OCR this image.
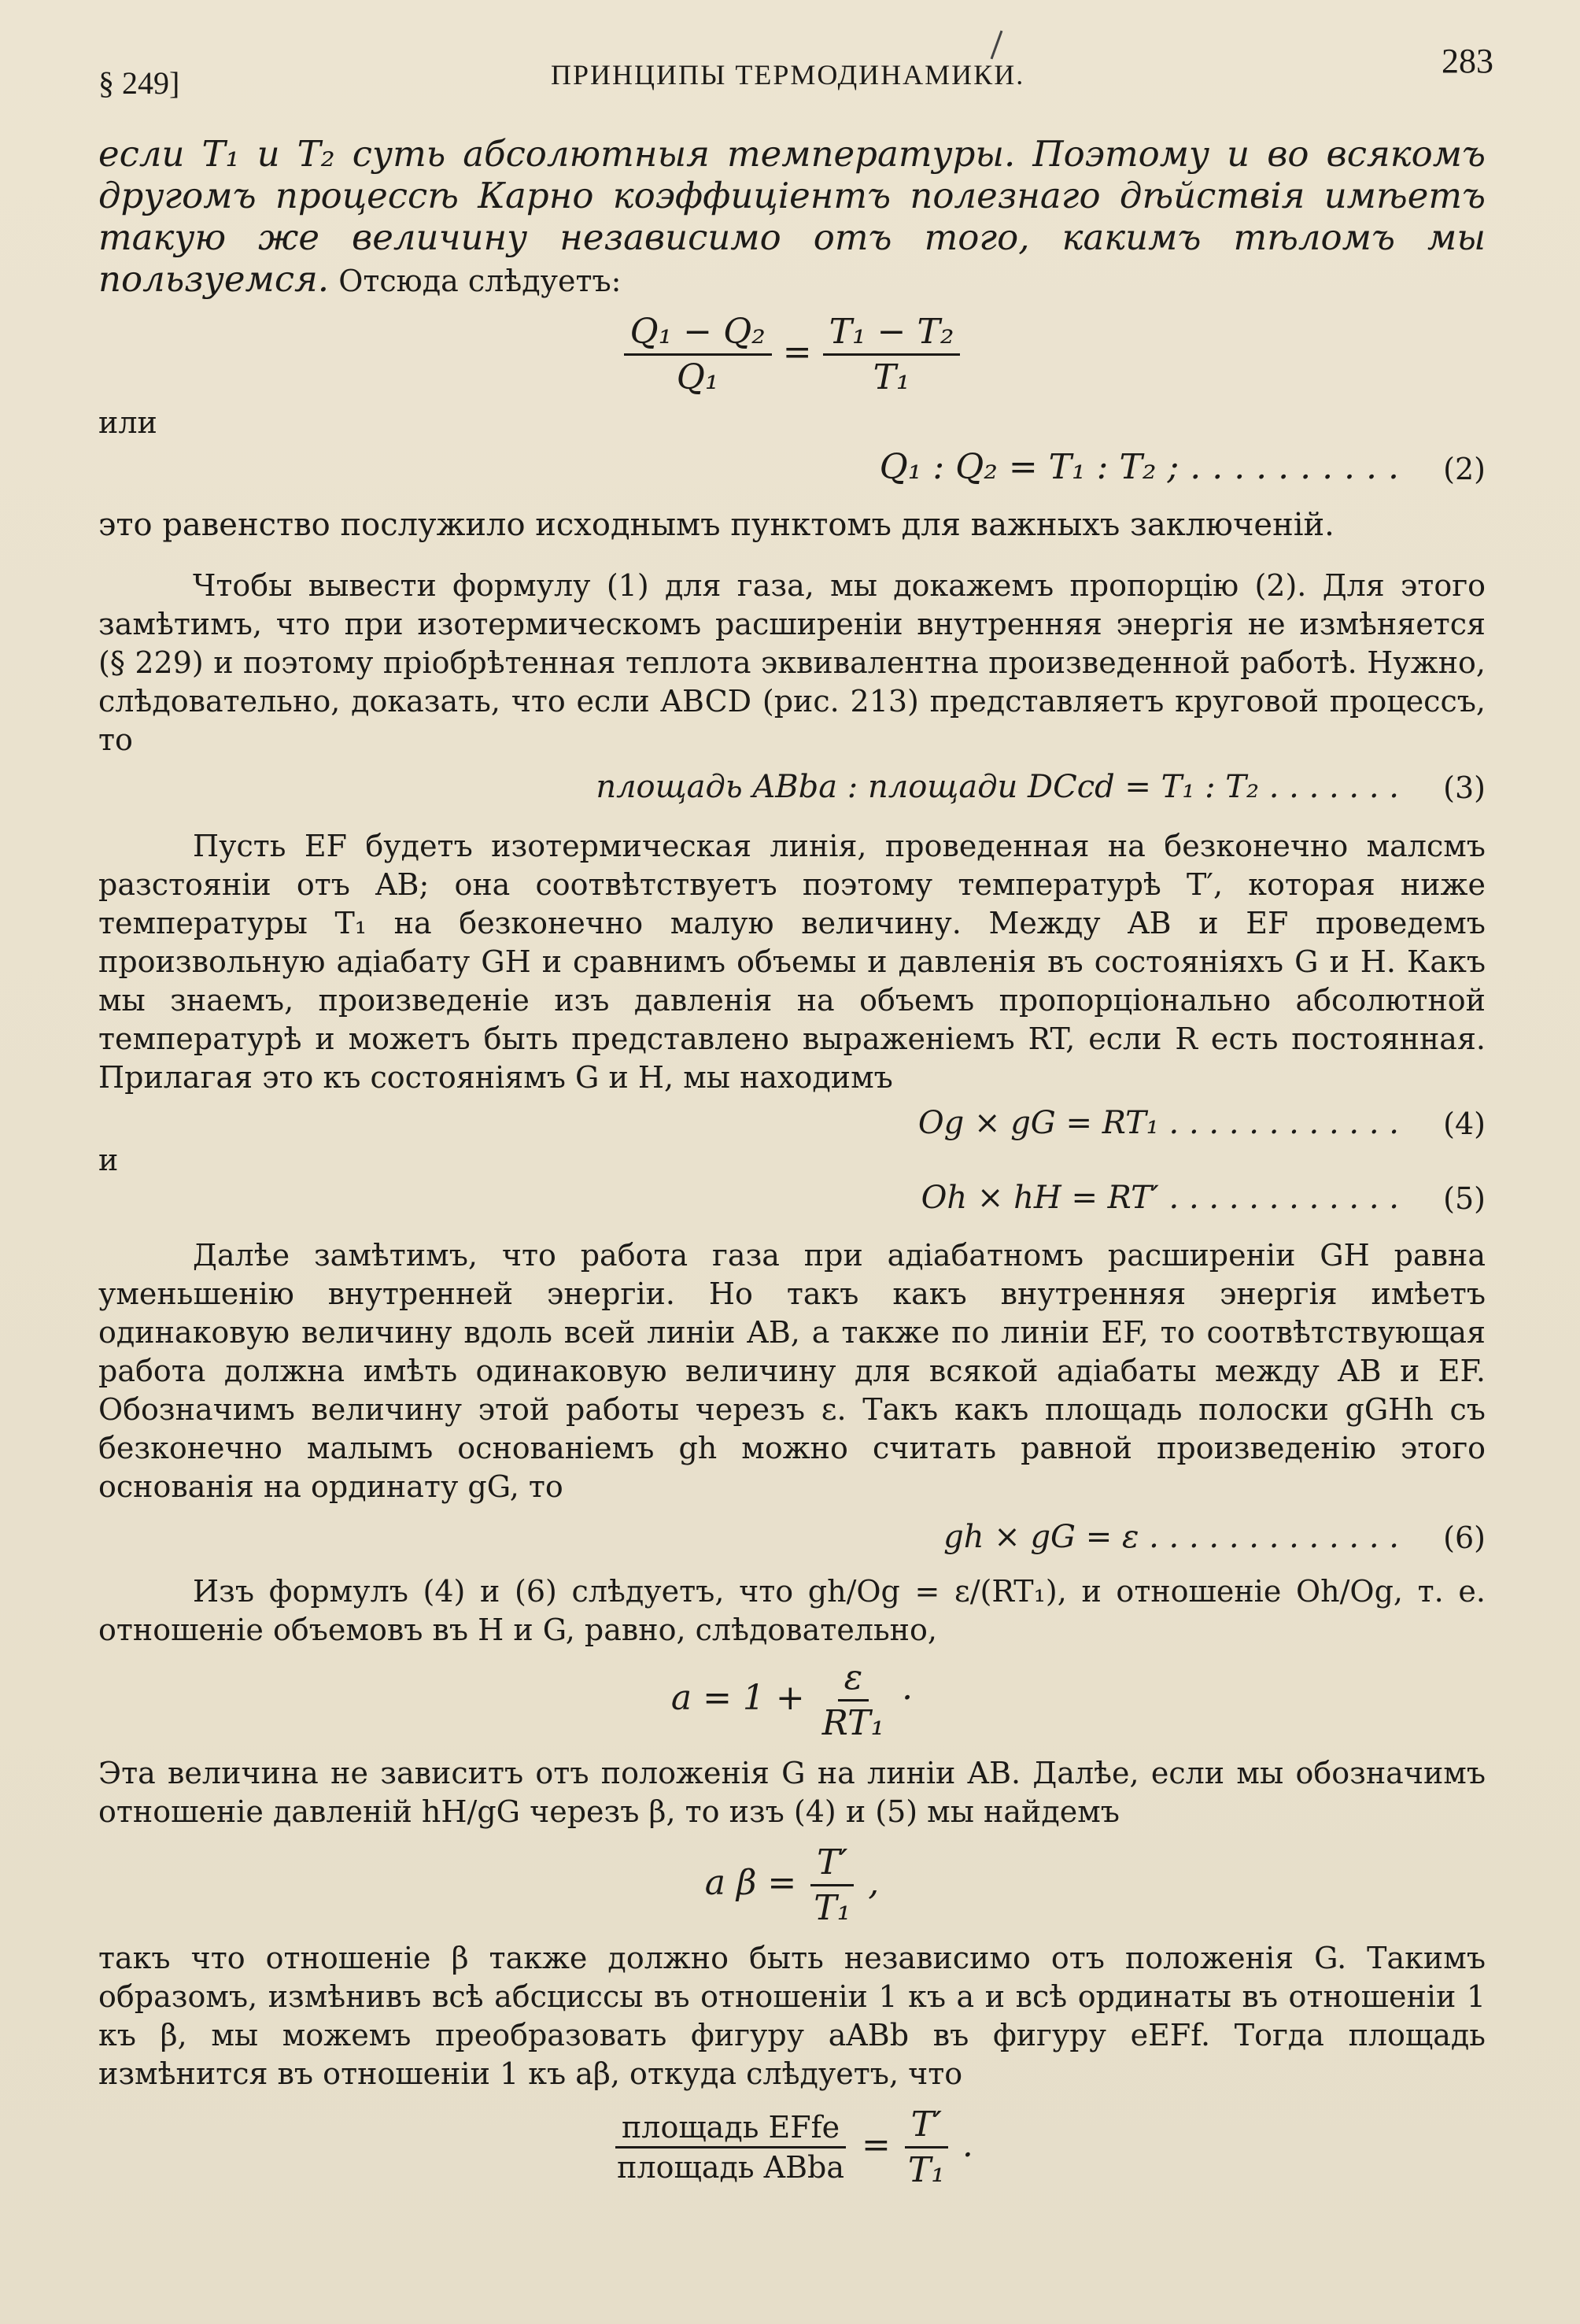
§ 249]	ПРИНЦИПЫ ТЕРМОДИНАМИКИ.	283

если T₁ и T₂ суть абсолютныя температуры. Поэтому и во всякомъ другомъ процессѣ Карно коэффиціентъ полезнаго дѣйствія имѣетъ такую же величину независимо отъ того, какимъ тѣломъ мы пользуемся. Отсюда слѣдуетъ:

$\frac{\text{Q₁ − Q₂}}{\text{Q₁}} = \frac{\text{T₁ − T₂}}{\text{T₁}}$

или

Q₁ : Q₂ = T₁ : T₂ ; . . . . . . . . . . (2)

это равенство послужило исходнымъ пунктомъ для важныхъ заключеній.

Чтобы вывести формулу (1) для газа, мы докажемъ пропорцію (2). Для этого замѣтимъ, что при изотермическомъ расширеніи внутренняя энергія не измѣняется (§ 229) и поэтому пріобрѣтенная теплота эквивалентна произведенной работѣ. Нужно, слѣдовательно, доказать, что если ABCD (рис. 213) представляетъ круговой процессъ, то

площадь ABba : площади DCcd = T₁ : T₂ . . . . . . . (3)

Пусть EF будетъ изотермическая линія, проведенная на безконечно малсмъ разстояніи отъ AB; она соотвѣтствуетъ поэтому температурѣ T′, которая ниже температуры T₁ на безконечно малую величину. Между AB и EF проведемъ произвольную адіабату GH и сравнимъ объемы и давленія въ состояніяхъ G и H. Какъ мы знаемъ, произведеніе изъ давленія на объемъ пропорціонально абсолютной температурѣ и можетъ быть представлено выраженіемъ RT, если R есть постоянная. Прилагая это къ состояніямъ G и H, мы находимъ

Og × gG = RT₁ . . . . . . . . . . . . (4)

и

Oh × hH = RT′ . . . . . . . . . . . . (5)

Далѣе замѣтимъ, что работа газа при адіабатномъ расширеніи GH равна уменьшенію внутренней энергіи. Но такъ какъ внутренняя энергія имѣетъ одинаковую величину вдоль всей линіи AB, а также по линіи EF, то соотвѣтствующая работа должна имѣть одинаковую величину для всякой адіабаты между AB и EF. Обозначимъ величину этой работы черезъ ε. Такъ какъ площадь полоски gGHh съ безконечно малымъ основаніемъ gh можно считать равной произведенію этого основанія на ординату gG, то

gh × gG = ε . . . . . . . . . . . . . (6)

Изъ формулъ (4) и (6) слѣдуетъ, что gh/Og = ε/(RT₁), и отношеніе Oh/Og, т. е. отношеніе объемовъ въ H и G, равно, слѣдовательно,

$a = 1 + \frac{\varepsilon}{\text{RT₁}}$ ·

Эта величина не зависитъ отъ положенія G на линіи AB. Далѣе, если мы обозначимъ отношеніе давленій hH/gG черезъ β, то изъ (4) и (5) мы найдемъ

a $\beta = \frac{T'}{\text{T₁}}$ ,

такъ что отношеніе β также должно быть независимо отъ положенія G. Такимъ образомъ, измѣнивъ всѣ абсциссы въ отношеніи 1 къ a и всѣ ординаты въ отношеніи 1 къ β, мы можемъ преобразовать фигуру aABb въ фигуру eEFf. Тогда площадь измѣнится въ отношеніи 1 къ aβ, откуда слѣдуетъ, что

$\frac{\text{площадь EFfe}}{\text{площадь ABba}} = \frac{T'}{\text{T₁}}$ .
